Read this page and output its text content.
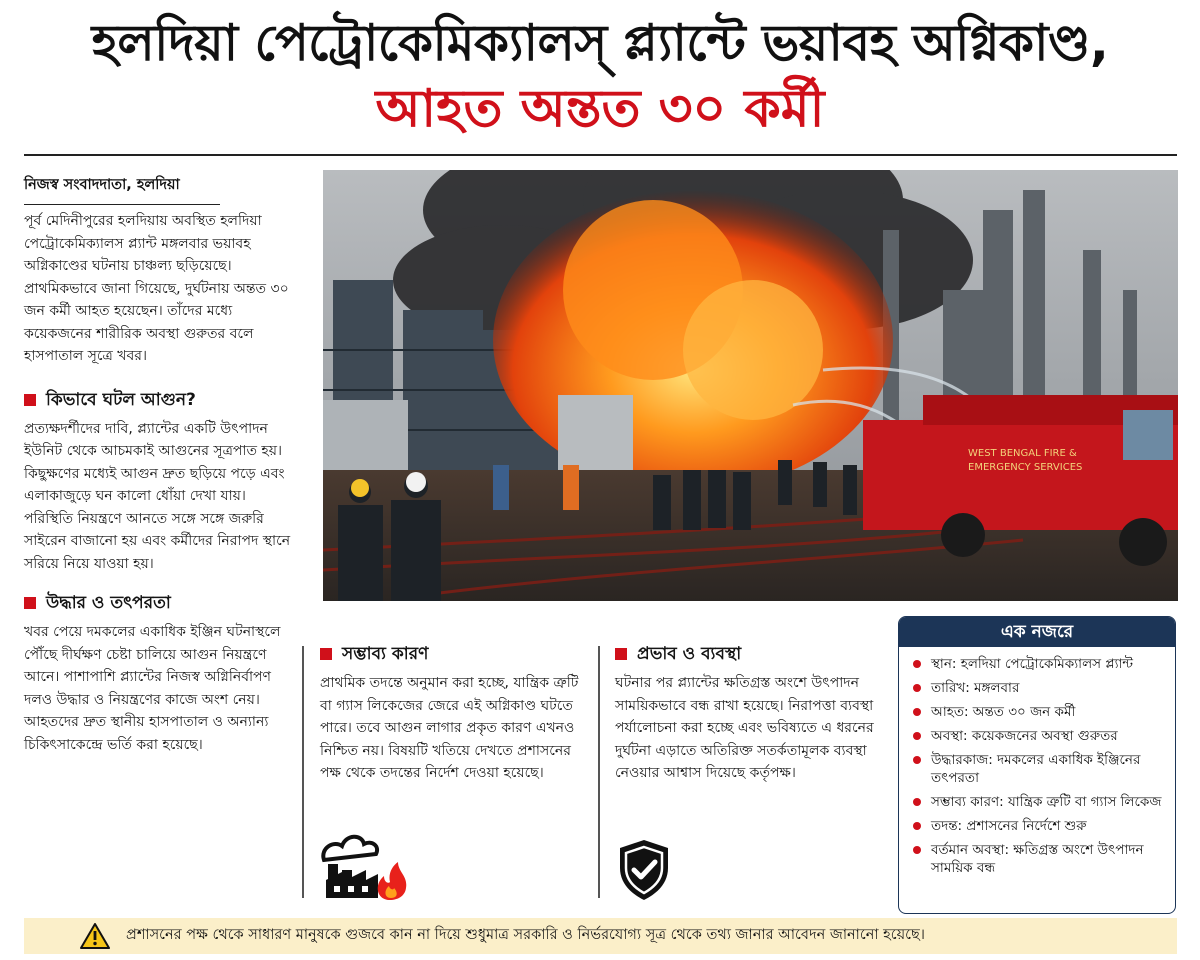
হলদিয়া পেট্রোকেমিক্যালস্ প্ল্যান্টে ভয়াবহ অগ্নিকাণ্ড,
আহত অন্তত ৩০ কর্মী
নিজস্ব সংবাদদাতা, হলদিয়া

পূর্ব মেদিনীপুরের হলদিয়ায় অবস্থিত হলদিয়া পেট্রোকেমিক্যালস প্ল্যান্ট মঙ্গলবার ভয়াবহ অগ্নিকাণ্ডের ঘটনায় চাঞ্চল্য ছড়িয়েছে। প্রাথমিকভাবে জানা গিয়েছে, দুর্ঘটনায় অন্তত ৩০ জন কর্মী আহত হয়েছেন। তাঁদের মধ্যে কয়েকজনের শারীরিক অবস্থা গুরুতর বলে হাসপাতাল সূত্রে খবর।

কিভাবে ঘটল আগুন?

প্রত্যক্ষদর্শীদের দাবি, প্ল্যান্টের একটি উৎপাদন ইউনিট থেকে আচমকাই আগুনের সূত্রপাত হয়। কিছুক্ষণের মধ্যেই আগুন দ্রুত ছড়িয়ে পড়ে এবং এলাকাজুড়ে ঘন কালো ধোঁয়া দেখা যায়। পরিস্থিতি নিয়ন্ত্রণে আনতে সঙ্গে সঙ্গে জরুরি সাইরেন বাজানো হয় এবং কর্মীদের নিরাপদ স্থানে সরিয়ে নিয়ে যাওয়া হয়।

উদ্ধার ও তৎপরতা

খবর পেয়ে দমকলের একাধিক ইঞ্জিন ঘটনাস্থলে পৌঁছে দীর্ঘক্ষণ চেষ্টা চালিয়ে আগুন নিয়ন্ত্রণে আনে। পাশাপাশি প্ল্যান্টের নিজস্ব অগ্নিনির্বাপণ দলও উদ্ধার ও নিয়ন্ত্রণের কাজে অংশ নেয়। আহতদের দ্রুত স্থানীয় হাসপাতাল ও অন্যান্য চিকিৎসাকেন্দ্রে ভর্তি করা হয়েছে।

WEST BENGAL FIRE &
EMERGENCY SERVICES
সম্ভাব্য কারণ

প্রাথমিক তদন্তে অনুমান করা হচ্ছে, যান্ত্রিক ত্রুটি বা গ্যাস লিকেজের জেরে এই অগ্নিকাণ্ড ঘটতে পারে। তবে আগুন লাগার প্রকৃত কারণ এখনও নিশ্চিত নয়। বিষয়টি খতিয়ে দেখতে প্রশাসনের পক্ষ থেকে তদন্তের নির্দেশ দেওয়া হয়েছে।

প্রভাব ও ব্যবস্থা

ঘটনার পর প্ল্যান্টের ক্ষতিগ্রস্ত অংশে উৎপাদন সাময়িকভাবে বন্ধ রাখা হয়েছে। নিরাপত্তা ব্যবস্থা পর্যালোচনা করা হচ্ছে এবং ভবিষ্যতে এ ধরনের দুর্ঘটনা এড়াতে অতিরিক্ত সতর্কতামূলক ব্যবস্থা নেওয়ার আশ্বাস দিয়েছে কর্তৃপক্ষ।

এক নজরে
স্থান: হলদিয়া পেট্রোকেমিক্যালস প্ল্যান্ট
তারিখ: মঙ্গলবার
আহত: অন্তত ৩০ জন কর্মী
অবস্থা: কয়েকজনের অবস্থা গুরুতর
উদ্ধারকাজ: দমকলের একাধিক ইঞ্জিনের তৎপরতা
সম্ভাব্য কারণ: যান্ত্রিক ত্রুটি বা গ্যাস লিকেজ
তদন্ত: প্রশাসনের নির্দেশে শুরু
বর্তমান অবস্থা: ক্ষতিগ্রস্ত অংশে উৎপাদন সাময়িক বন্ধ
প্রশাসনের পক্ষ থেকে সাধারণ মানুষকে গুজবে কান না দিয়ে শুধুমাত্র সরকারি ও নির্ভরযোগ্য সূত্র থেকে তথ্য জানার আবেদন জানানো হয়েছে।
